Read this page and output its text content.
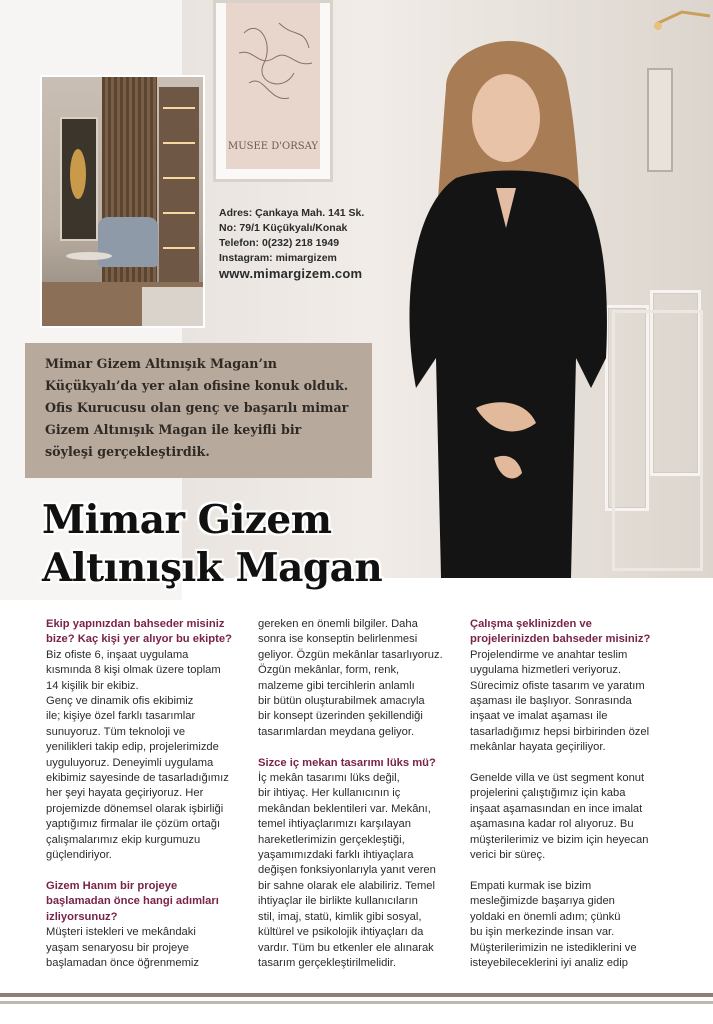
MUSEE D'ORSAY
Adres: Çankaya Mah. 141 Sk.
No: 79/1 Küçükyalı/Konak
Telefon: 0(232) 218 1949
Instagram: mimargizem
www.mimargizem.com
Mimar Gizem Altınışık Magan’ın
Küçükyalı’da yer alan ofisine konuk olduk.
Ofis Kurucusu olan genç ve başarılı mimar
Gizem Altınışık Magan ile keyifli bir
söyleşi gerçekleştirdik.
Mimar Gizem
Altınışık Magan

Ekip yapınızdan bahseder misiniz

bize? Kaç kişi yer alıyor bu ekipte?

Biz ofiste 6, inşaat uygulama

kısmında 8 kişi olmak üzere toplam

14 kişilik bir ekibiz.

Genç ve dinamik ofis ekibimiz

ile; kişiye özel farklı tasarımlar

sunuyoruz. Tüm teknoloji ve

yenilikleri takip edip, projelerimizde

uyguluyoruz. Deneyimli uygulama

ekibimiz sayesinde de tasarladığımız

her şeyi hayata geçiriyoruz. Her

projemizde dönemsel olarak işbirliği

yaptığımız firmalar ile çözüm ortağı

çalışmalarımız ekip kurgumuzu

güçlendiriyor.

Gizem Hanım bir projeye

başlamadan önce hangi adımları

izliyorsunuz?

Müşteri istekleri ve mekândaki

yaşam senaryosu bir projeye

başlamadan önce öğrenmemiz

gereken en önemli bilgiler. Daha

sonra ise konseptin belirlenmesi

geliyor. Özgün mekânlar tasarlıyoruz.

Özgün mekânlar, form, renk,

malzeme gibi tercihlerin anlamlı

bir bütün oluşturabilmek amacıyla

bir konsept üzerinden şekillendiği

tasarımlardan meydana geliyor.

Sizce iç mekan tasarımı lüks mü?

İç mekân tasarımı lüks değil,

bir ihtiyaç. Her kullanıcının iç

mekândan beklentileri var. Mekânı,

temel ihtiyaçlarımızı karşılayan

hareketlerimizin gerçekleştiği,

yaşamımızdaki farklı ihtiyaçlara

değişen fonksiyonlarıyla yanıt veren

bir sahne olarak ele alabiliriz. Temel

ihtiyaçlar ile birlikte kullanıcıların

stil, imaj, statü, kimlik gibi sosyal,

kültürel ve psikolojik ihtiyaçları da

vardır. Tüm bu etkenler ele alınarak

tasarım gerçekleştirilmelidir.

Çalışma şeklinizden ve

projelerinizden bahseder misiniz?

Projelendirme ve anahtar teslim

uygulama hizmetleri veriyoruz.

Sürecimiz ofiste tasarım ve yaratım

aşaması ile başlıyor. Sonrasında

inşaat ve imalat aşaması ile

tasarladığımız hepsi birbirinden özel

mekânlar hayata geçiriliyor.

Genelde villa ve üst segment konut

projelerini çalıştığımız için kaba

inşaat aşamasından en ince imalat

aşamasına kadar rol alıyoruz. Bu

müşterilerimiz ve bizim için heyecan

verici bir süreç.

Empati kurmak ise bizim

mesleğimizde başarıya giden

yoldaki en önemli adım; çünkü

bu işin merkezinde insan var.

Müşterilerimizin ne istediklerini ve

isteyebileceklerini iyi analiz edip
